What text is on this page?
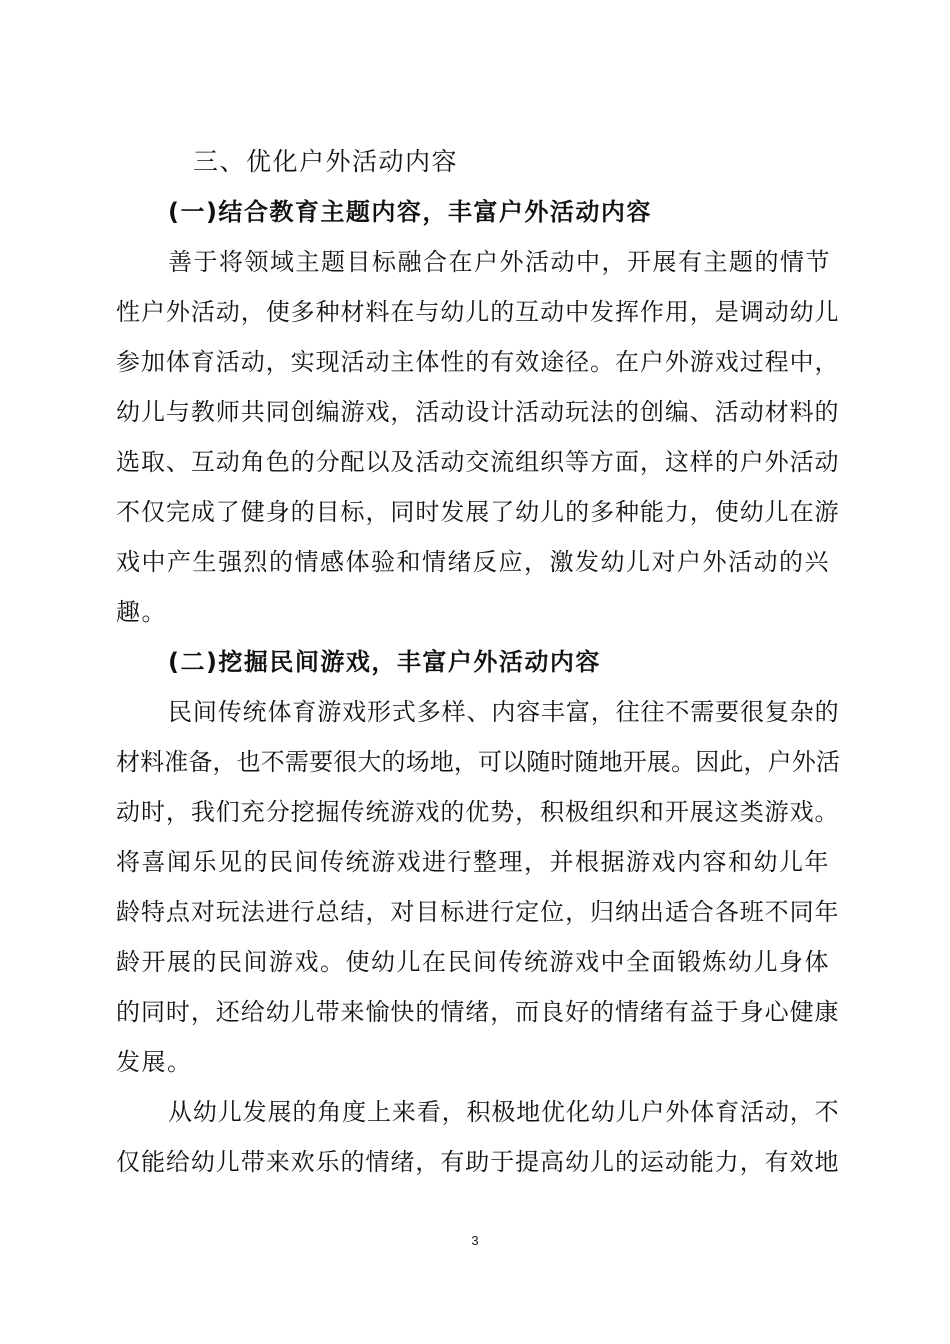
三、优化户外活动内容
(一)结合教育主题内容，丰富户外活动内容
善于将领域主题目标融合在户外活动中，开展有主题的情节
性户外活动，使多种材料在与幼儿的互动中发挥作用，是调动幼儿
参加体育活动，实现活动主体性的有效途径。在户外游戏过程中，
幼儿与教师共同创编游戏，活动设计活动玩法的创编、活动材料的
选取、互动角色的分配以及活动交流组织等方面，这样的户外活动
不仅完成了健身的目标，同时发展了幼儿的多种能力，使幼儿在游
戏中产生强烈的情感体验和情绪反应，激发幼儿对户外活动的兴
趣。
(二)挖掘民间游戏，丰富户外活动内容
民间传统体育游戏形式多样、内容丰富，往往不需要很复杂的
材料准备，也不需要很大的场地，可以随时随地开展。因此，户外活
动时，我们充分挖掘传统游戏的优势，积极组织和开展这类游戏。
将喜闻乐见的民间传统游戏进行整理，并根据游戏内容和幼儿年
龄特点对玩法进行总结，对目标进行定位，归纳出适合各班不同年
龄开展的民间游戏。使幼儿在民间传统游戏中全面锻炼幼儿身体
的同时，还给幼儿带来愉快的情绪，而良好的情绪有益于身心健康
发展。
从幼儿发展的角度上来看，积极地优化幼儿户外体育活动，不
仅能给幼儿带来欢乐的情绪，有助于提高幼儿的运动能力，有效地
3
